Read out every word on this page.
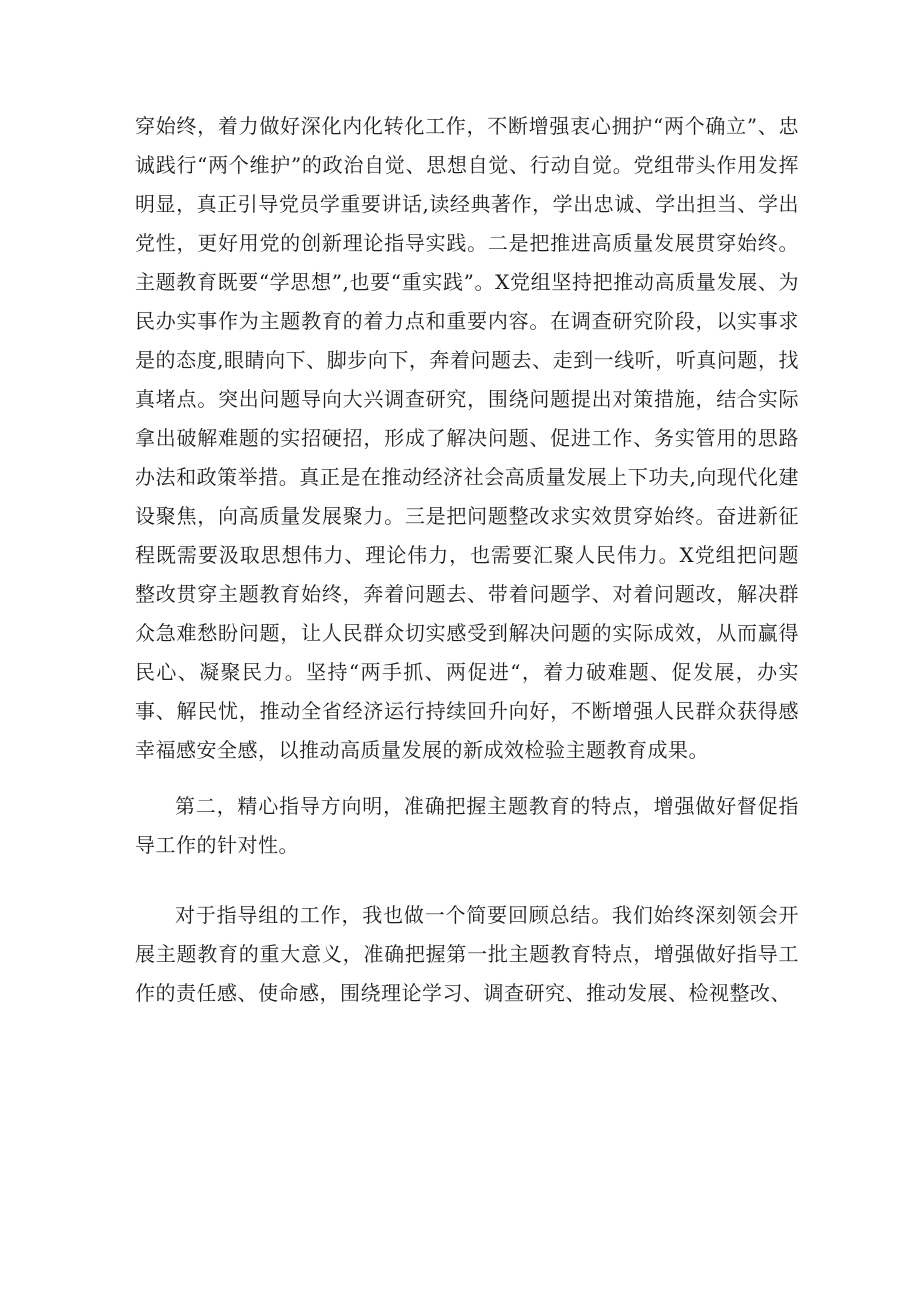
穿始终，着力做好深化内化转化工作，不断增强衷心拥护“两个确立”、忠诚践行“两个维护”的政治自觉、思想自觉、行动自觉。党组带头作用发挥明显，真正引导党员学重要讲话,读经典著作，学出忠诚、学出担当、学出党性，更好用党的创新理论指导实践。二是把推进高质量发展贯穿始终。主题教育既要“学思想”,也要“重实践”。X党组坚持把推动高质量发展、为民办实事作为主题教育的着力点和重要内容。在调查研究阶段，以实事求是的态度,眼睛向下、脚步向下，奔着问题去、走到一线听，听真问题，找真堵点。突出问题导向大兴调查研究，围绕问题提出对策措施，结合实际拿出破解难题的实招硬招，形成了解决问题、促进工作、务实管用的思路办法和政策举措。真正是在推动经济社会高质量发展上下功夫,向现代化建设聚焦，向高质量发展聚力。三是把问题整改求实效贯穿始终。奋进新征程既需要汲取思想伟力、理论伟力，也需要汇聚人民伟力。X党组把问题整改贯穿主题教育始终，奔着问题去、带着问题学、对着问题改，解决群众急难愁盼问题，让人民群众切实感受到解决问题的实际成效，从而赢得民心、凝聚民力。坚持“两手抓、两促进“，着力破难题、促发展，办实事、解民忧，推动全省经济运行持续回升向好，不断增强人民群众获得感幸福感安全感，以推动高质量发展的新成效检验主题教育成果。

第二，精心指导方向明，准确把握主题教育的特点，增强做好督促指导工作的针对性。

对于指导组的工作，我也做一个简要回顾总结。我们始终深刻领会开展主题教育的重大意义，准确把握第一批主题教育特点，增强做好指导工作的责任感、使命感，围绕理论学习、调查研究、推动发展、检视整改、
